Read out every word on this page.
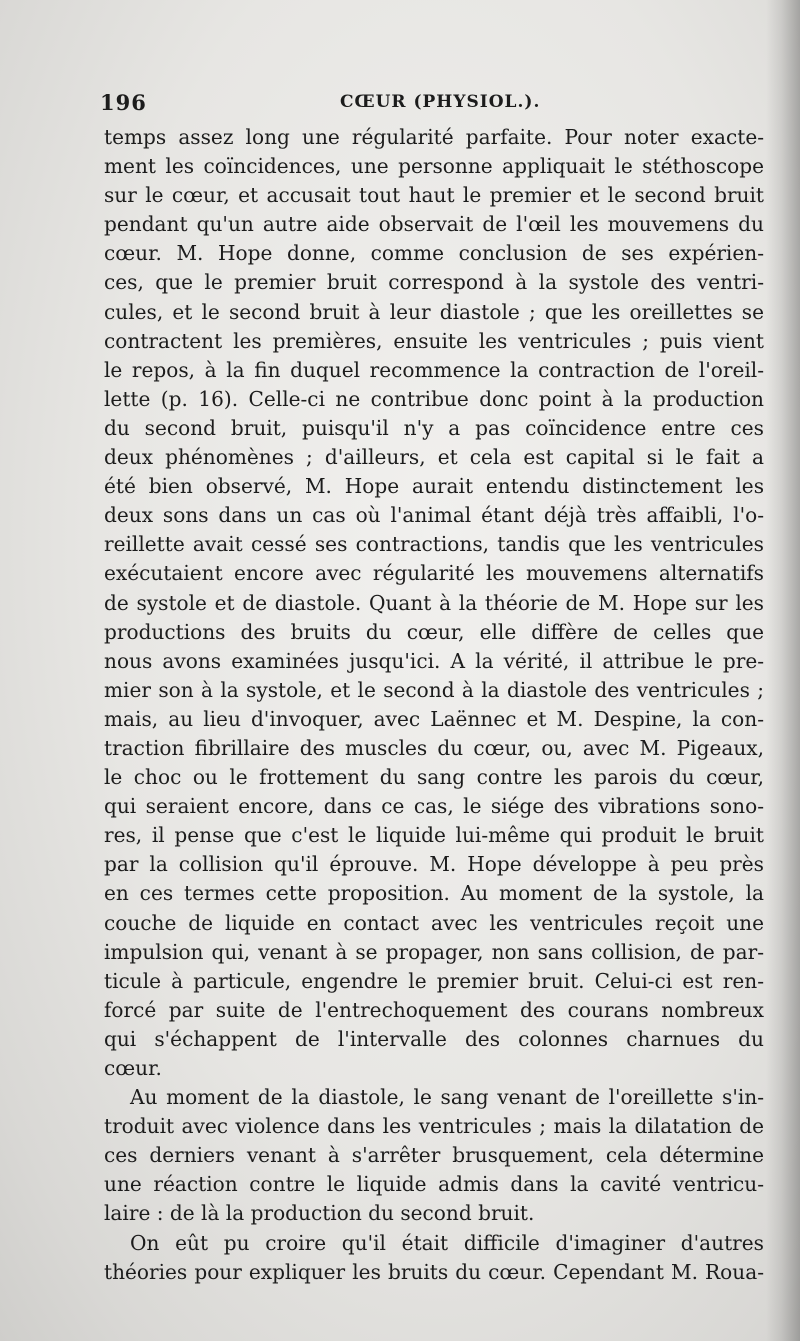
196	CŒUR (PHYSIOL.).
temps assez long une régularité parfaite. Pour noter exacte-
ment les coïncidences, une personne appliquait le stéthoscope
sur le cœur, et accusait tout haut le premier et le second bruit
pendant qu'un autre aide observait de l'œil les mouvemens du
cœur. M. Hope donne, comme conclusion de ses expérien-
ces, que le premier bruit correspond à la systole des ventri-
cules, et le second bruit à leur diastole ; que les oreillettes se
contractent les premières, ensuite les ventricules ; puis vient
le repos, à la fin duquel recommence la contraction de l'oreil-
lette (p. 16). Celle-ci ne contribue donc point à la production
du second bruit, puisqu'il n'y a pas coïncidence entre ces
deux phénomènes ; d'ailleurs, et cela est capital si le fait a
été bien observé, M. Hope aurait entendu distinctement les
deux sons dans un cas où l'animal étant déjà très affaibli, l'o-
reillette avait cessé ses contractions, tandis que les ventricules
exécutaient encore avec régularité les mouvemens alternatifs
de systole et de diastole. Quant à la théorie de M. Hope sur les
productions des bruits du cœur, elle diffère de celles que
nous avons examinées jusqu'ici. A la vérité, il attribue le pre-
mier son à la systole, et le second à la diastole des ventricules ;
mais, au lieu d'invoquer, avec Laënnec et M. Despine, la con-
traction fibrillaire des muscles du cœur, ou, avec M. Pigeaux,
le choc ou le frottement du sang contre les parois du cœur,
qui seraient encore, dans ce cas, le siége des vibrations sono-
res, il pense que c'est le liquide lui-même qui produit le bruit
par la collision qu'il éprouve. M. Hope développe à peu près
en ces termes cette proposition. Au moment de la systole, la
couche de liquide en contact avec les ventricules reçoit une
impulsion qui, venant à se propager, non sans collision, de par-
ticule à particule, engendre le premier bruit. Celui-ci est ren-
forcé par suite de l'entrechoquement des courans nombreux
qui s'échappent de l'intervalle des colonnes charnues du
cœur.
Au moment de la diastole, le sang venant de l'oreillette s'in-
troduit avec violence dans les ventricules ; mais la dilatation de
ces derniers venant à s'arrêter brusquement, cela détermine
une réaction contre le liquide admis dans la cavité ventricu-
laire : de là la production du second bruit.
On eût pu croire qu'il était difficile d'imaginer d'autres
théories pour expliquer les bruits du cœur. Cependant M. Roua-
